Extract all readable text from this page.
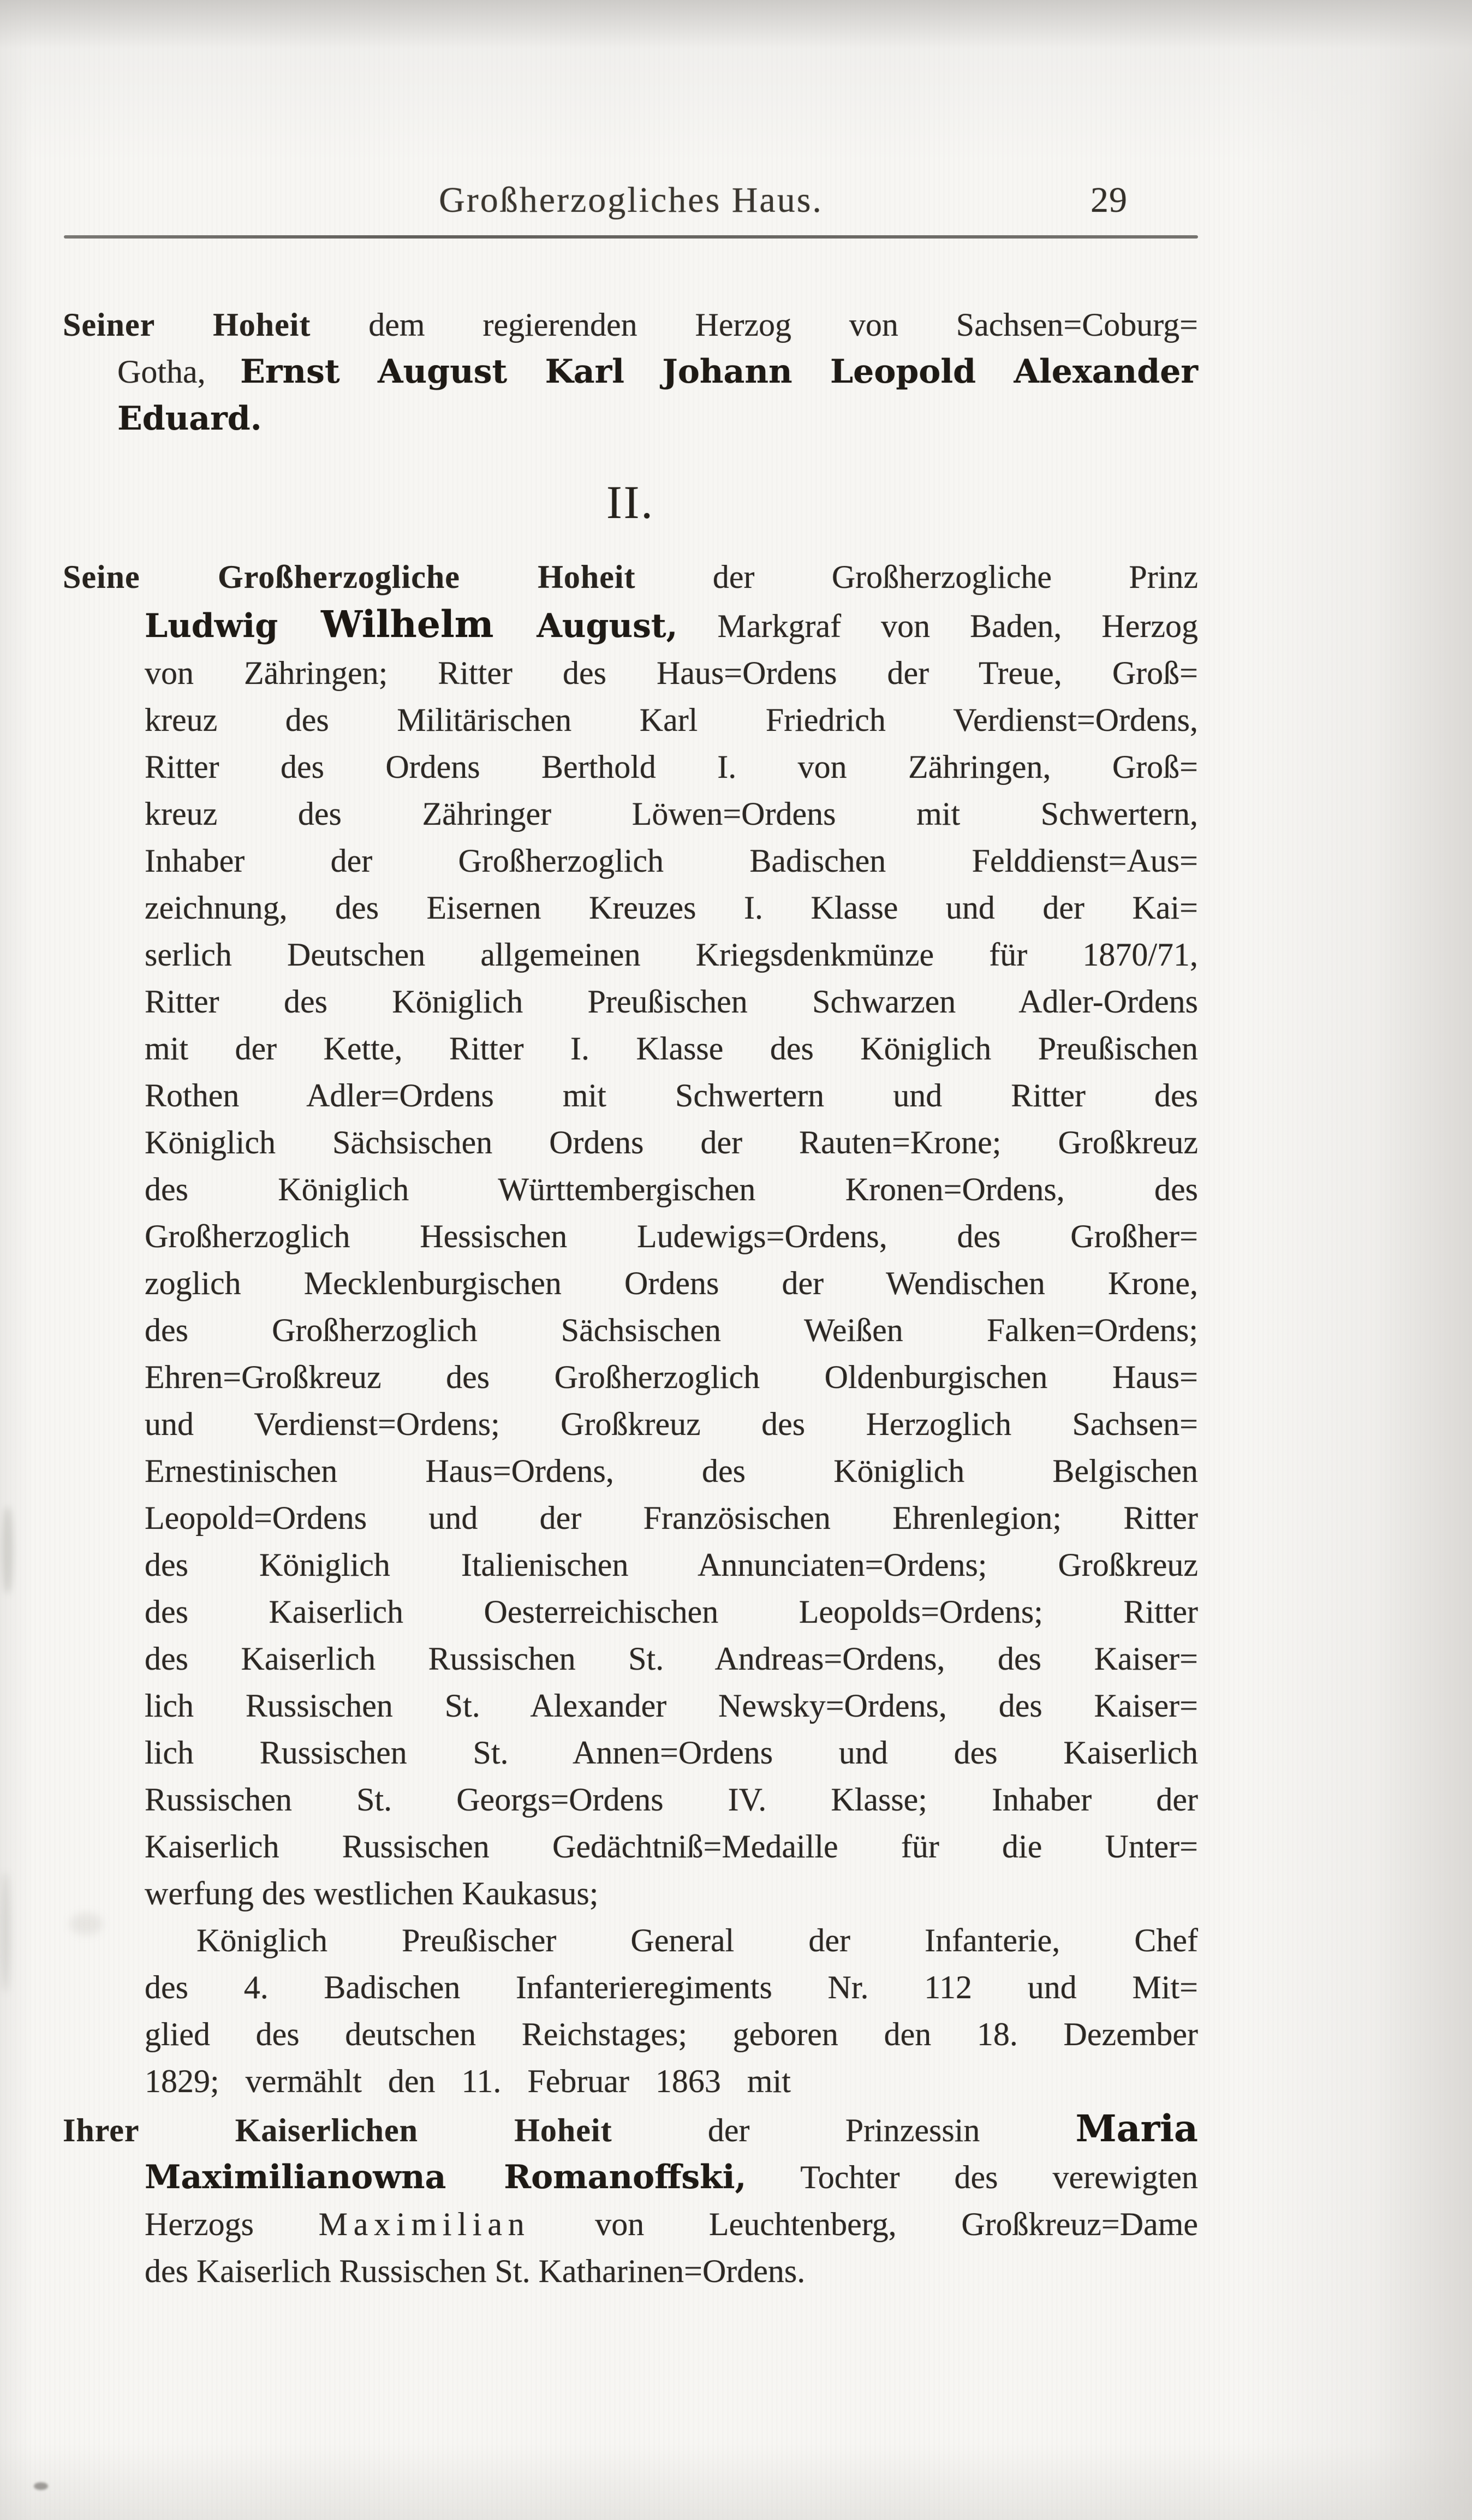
Großherzogliches Haus.	29
Seiner Hoheit dem regierenden Herzog von Sachsen=Coburg=
Gotha, Ernst August Karl Johann Leopold Alexander
Eduard.
II.
Seine Großherzogliche Hoheit der Großherzogliche Prinz
Ludwig Wilhelm August, Markgraf von Baden, Herzog
von Zähringen; Ritter des Haus=Ordens der Treue, Groß=
kreuz des Militärischen Karl Friedrich Verdienst=Ordens,
Ritter des Ordens Berthold I. von Zähringen, Groß=
kreuz des Zähringer Löwen=Ordens mit Schwertern,
Inhaber der Großherzoglich Badischen Felddienst=Aus=
zeichnung, des Eisernen Kreuzes I. Klasse und der Kai=
serlich Deutschen allgemeinen Kriegsdenkmünze für 1870/71,
Ritter des Königlich Preußischen Schwarzen Adler-Ordens
mit der Kette, Ritter I. Klasse des Königlich Preußischen
Rothen Adler=Ordens mit Schwertern und Ritter des
Königlich Sächsischen Ordens der Rauten=Krone; Großkreuz
des Königlich Württembergischen Kronen=Ordens, des
Großherzoglich Hessischen Ludewigs=Ordens, des Großher=
zoglich Mecklenburgischen Ordens der Wendischen Krone,
des Großherzoglich Sächsischen Weißen Falken=Ordens;
Ehren=Großkreuz des Großherzoglich Oldenburgischen Haus=
und Verdienst=Ordens; Großkreuz des Herzoglich Sachsen=
Ernestinischen Haus=Ordens, des Königlich Belgischen
Leopold=Ordens und der Französischen Ehrenlegion; Ritter
des Königlich Italienischen Annunciaten=Ordens; Großkreuz
des Kaiserlich Oesterreichischen Leopolds=Ordens; Ritter
des Kaiserlich Russischen St. Andreas=Ordens, des Kaiser=
lich Russischen St. Alexander Newsky=Ordens, des Kaiser=
lich Russischen St. Annen=Ordens und des Kaiserlich
Russischen St. Georgs=Ordens IV. Klasse; Inhaber der
Kaiserlich Russischen Gedächtniß=Medaille für die Unter=
werfung des westlichen Kaukasus;
Königlich Preußischer General der Infanterie, Chef
des 4. Badischen Infanterieregiments Nr. 112 und Mit=
glied des deutschen Reichstages; geboren den 18. Dezember
1829; vermählt den 11. Februar 1863 mit
Ihrer Kaiserlichen Hoheit der Prinzessin Maria
Maximilianowna Romanoffski, Tochter des verewigten
Herzogs Maximilian von Leuchtenberg, Großkreuz=Dame
des Kaiserlich Russischen St. Katharinen=Ordens.
